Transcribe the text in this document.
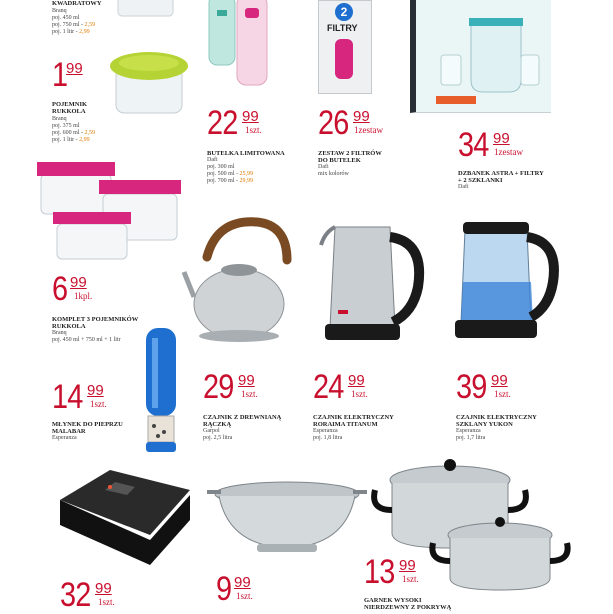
2
FILTRY
KWADRATOWY
Branq
poj. 450 ml
poj. 750 ml - 2,59
poj. 1 litr - 2,99
1
99
POJEMNIK RUKKOLA
Branq
poj. 375 ml
poj. 600 ml - 2,59
poj. 1 litr - 2,99	22 99
1szt.
BUTELKA LIMITOWANA
Dafi
poj. 300 ml
poj. 500 ml - 25,99
poj. 700 ml - 29,99
26 99
1zestaw
ZESTAW 2 FILTRÓW DO BUTELEK
Dafi
mix kolorów
34 99
1zestaw
DZBANEK ASTRA + FILTRY + 2 SZKLANKI
Dafi
6 99
1kpl.
KOMPLET 3 POJEMNIKÓW RUKKOLA
Branq
poj. 450 ml + 750 ml + 1 litr
29 99
1szt.
CZAJNIK Z DREWNIANĄ RĄCZKĄ
Garpol
poj. 2,5 litra
24 99
1szt.
CZAJNIK ELEKTRYCZNY RORAIMA TITANUM
Esperanza
poj. 1,8 litra
39 99
1szt.
CZAJNIK ELEKTRYCZNY SZKLANY YUKON
Esperanza
poj. 1,7 litra
14 99
1szt.
MŁYNEK DO PIEPRZU MALABAR
Esperanza
32 99
1szt.	9 99
1szt.
13 99
1szt.
GARNEK WYSOKI NIERDZEWNY Z POKRYWĄ
